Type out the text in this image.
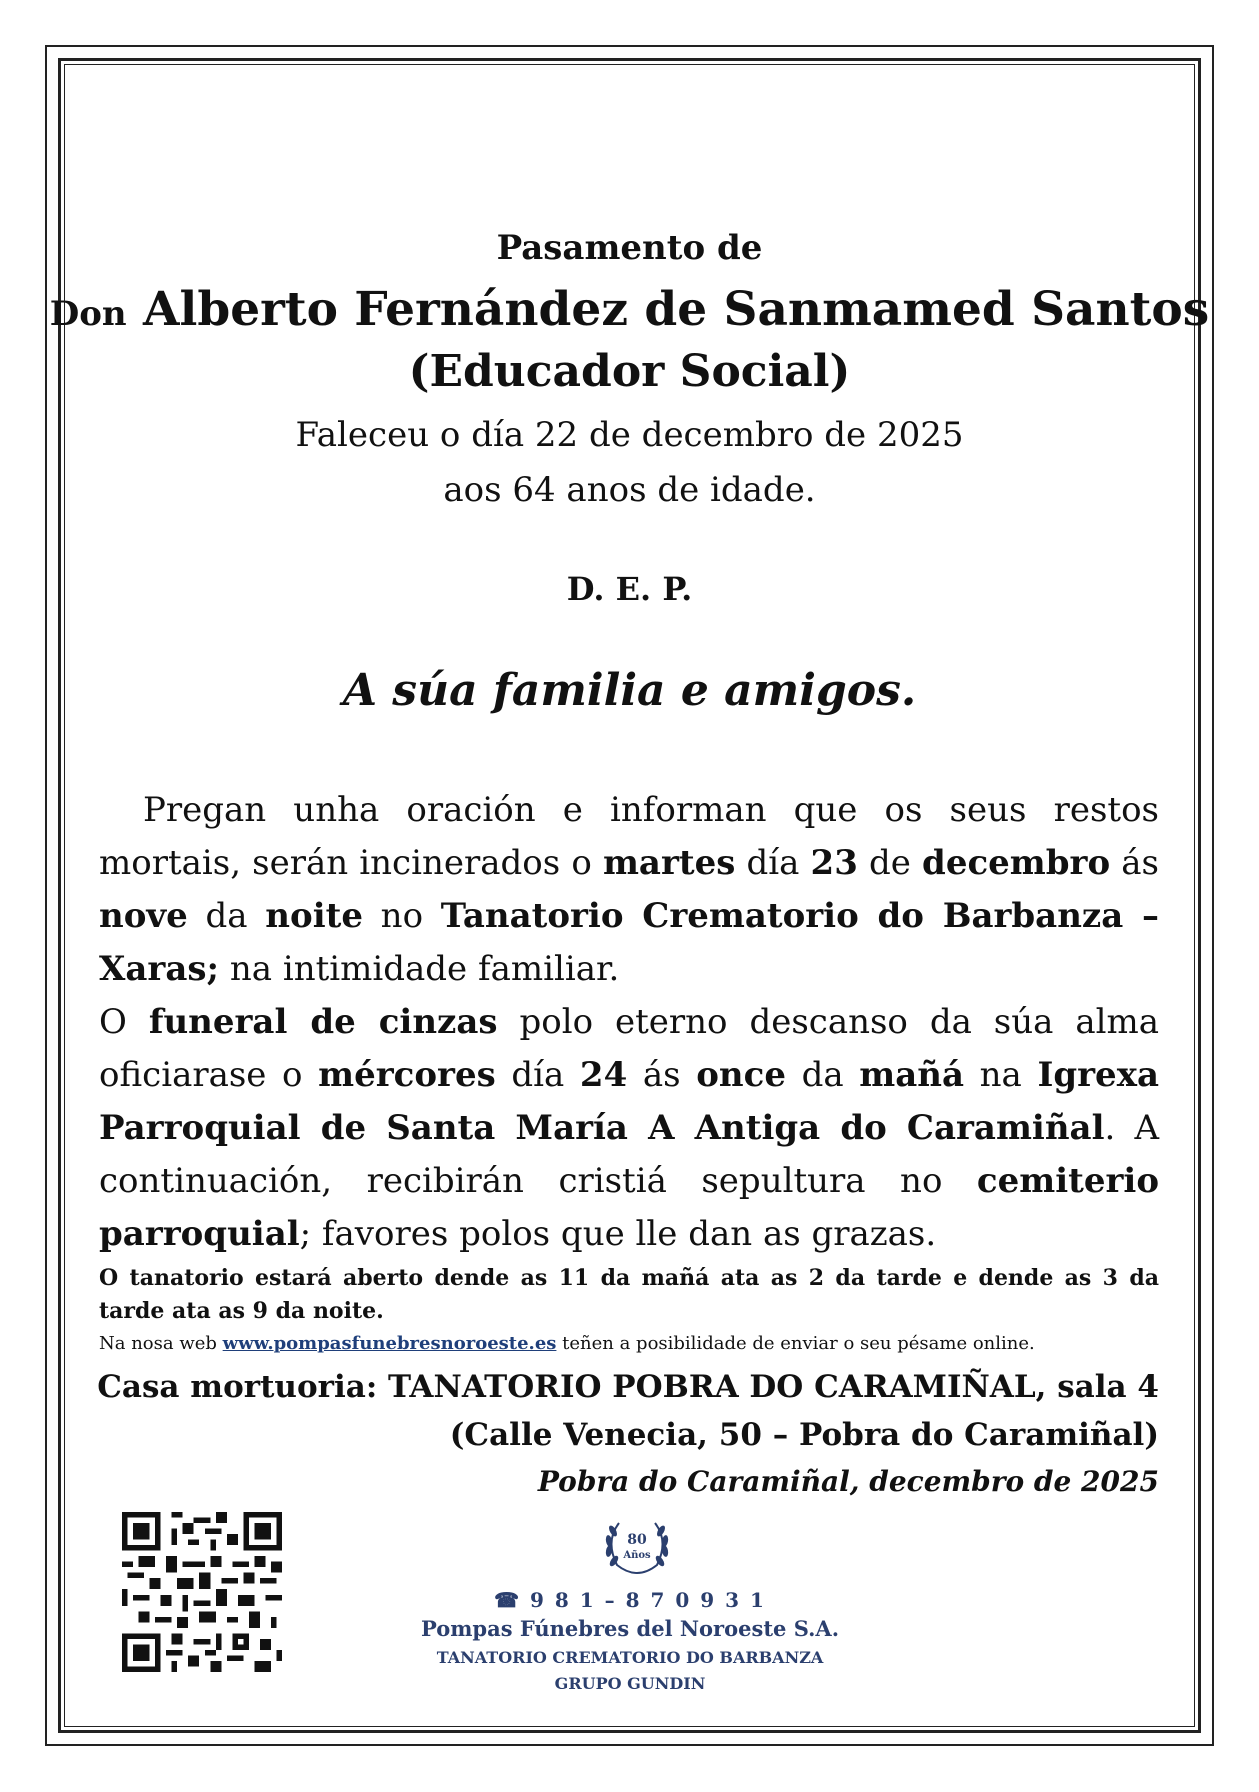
Pasamento de
Don Alberto Fernández de Sanmamed Santos
(Educador Social)
Faleceu o día 22 de decembro de 2025
aos 64 anos de idade.
D. E. P.
A súa familia e amigos.
Pregan unha oración e informan que os seus restos mortais, serán incinerados o martes día 23 de decembro ás nove da noite no Tanatorio Crematorio do Barbanza – Xaras; na intimidade familiar.
O funeral de cinzas polo eterno descanso da súa alma oficiarase o mércores día 24 ás once da mañá na Igrexa Parroquial de Santa María A Antiga do Caramiñal. A continuación, recibirán cristiá sepultura no cemiterio parroquial; favores polos que lle dan as grazas.
O tanatorio estará aberto dende as 11 da mañá ata as 2 da tarde e dende as 3 da tarde ata as 9 da noite.
Na nosa web www.pompasfunebresnoroeste.es teñen a posibilidade de enviar o seu pésame online.
Casa mortuoria: TANATORIO POBRA DO CARAMIÑAL, sala 4
(Calle Venecia, 50 – Pobra do Caramiñal)
Pobra do Caramiñal, decembro de 2025
80
Años
☎ 9 8 1 – 8 7 0 9 3 1
Pompas Fúnebres del Noroeste S.A.
TANATORIO CREMATORIO DO BARBANZA
GRUPO GUNDIN
